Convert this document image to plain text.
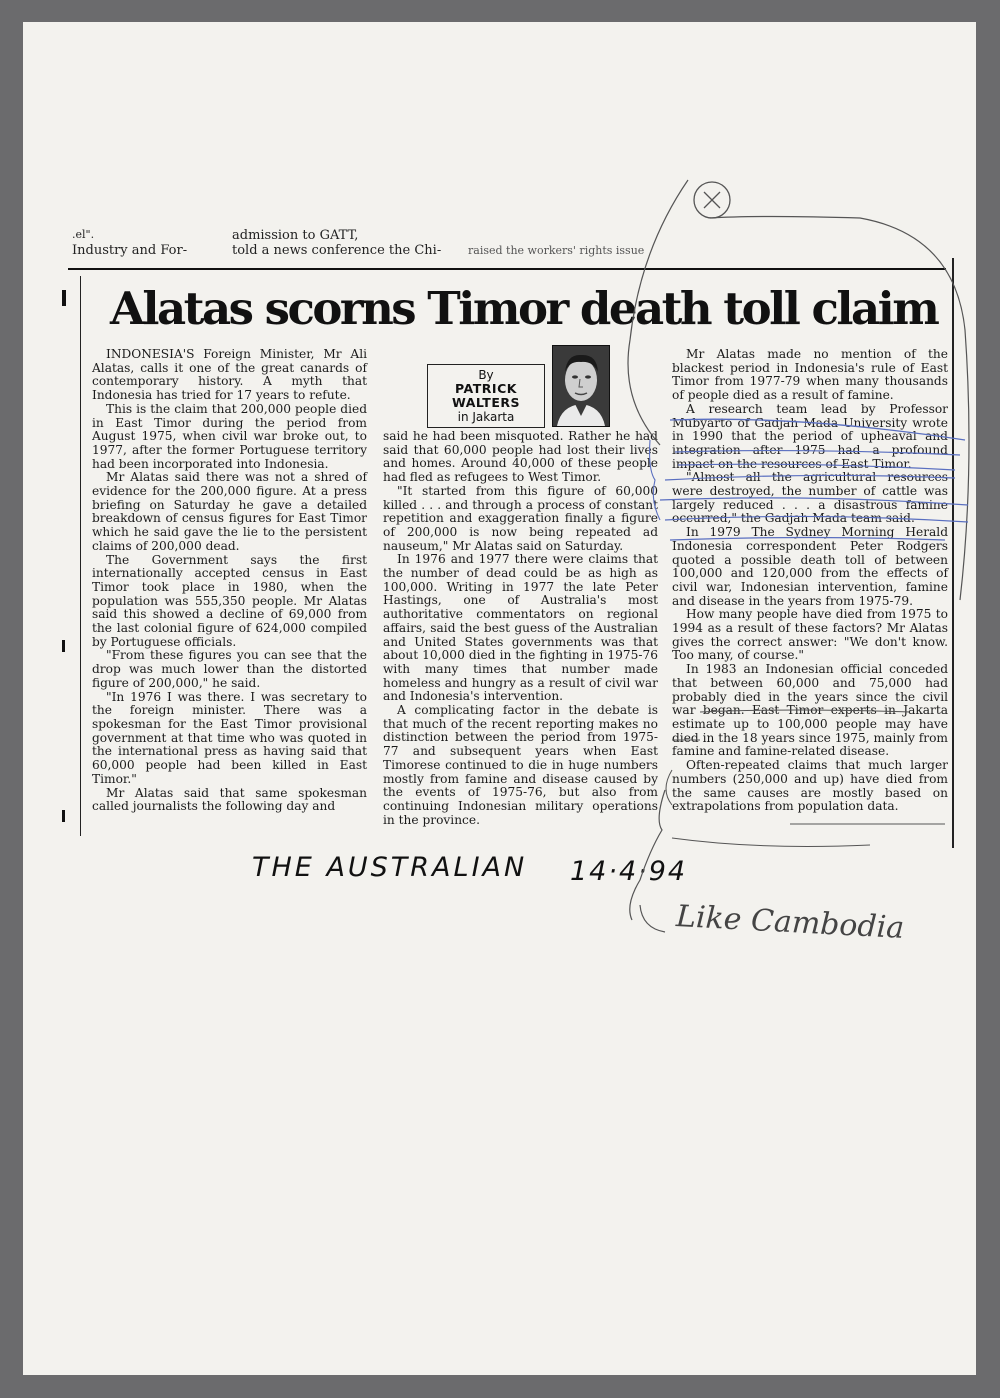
.el".
Industry and For-
admission to GATT,
told a news conference the Chi- raised the workers' rights issue
Alatas scorns Timor death toll claim

INDONESIA'S Foreign Minister, Mr Ali Alatas, calls it one of the great canards of contemporary history. A myth that Indonesia has tried for 17 years to refute.

This is the claim that 200,000 people died in East Timor during the period from August 1975, when civil war broke out, to 1977, after the former Portuguese territory had been incorporated into Indonesia.

Mr Alatas said there was not a shred of evidence for the 200,000 figure. At a press briefing on Saturday he gave a detailed breakdown of census figures for East Timor which he said gave the lie to the persistent claims of 200,000 dead.

The Government says the first internationally accepted census in East Timor took place in 1980, when the population was 555,350 people. Mr Alatas said this showed a decline of 69,000 from the last colonial figure of 624,000 compiled by Portuguese officials.

"From these figures you can see that the drop was much lower than the distorted figure of 200,000," he said.

"In 1976 I was there. I was secretary to the foreign minister. There was a spokesman for the East Timor provisional government at that time who was quoted in the international press as having said that 60,000 people had been killed in East Timor."

Mr Alatas said that same spokesman called journalists the following day and

By
PATRICK
WALTERS
in Jakarta

said he had been misquoted. Rather he had said that 60,000 people had lost their lives and homes. Around 40,000 of these people had fled as refugees to West Timor.

"It started from this figure of 60,000 killed . . . and through a process of constant repetition and exaggeration finally a figure of 200,000 is now being repeated ad nauseum," Mr Alatas said on Saturday.

In 1976 and 1977 there were claims that the number of dead could be as high as 100,000. Writing in 1977 the late Peter Hastings, one of Australia's most authoritative commentators on regional affairs, said the best guess of the Australian and United States governments was that about 10,000 died in the fighting in 1975-76 with many times that number made homeless and hungry as a result of civil war and Indonesia's intervention.

A complicating factor in the debate is that much of the recent reporting makes no distinction between the period from 1975-77 and subsequent years when East Timorese continued to die in huge numbers mostly from famine and disease caused by the events of 1975-76, but also from continuing Indonesian military operations in the province.

Mr Alatas made no mention of the blackest period in Indonesia's rule of East Timor from 1977-79 when many thousands of people died as a result of famine.

A research team lead by Professor Mubyarto of Gadjah Mada University wrote in 1990 that the period of upheaval and integration after 1975 had a profound impact on the resources of East Timor.

"Almost all the agricultural resources were destroyed, the number of cattle was largely reduced . . . a disastrous famine occurred," the Gadjah Mada team said.

In 1979 The Sydney Morning Herald Indonesia correspondent Peter Rodgers quoted a possible death toll of between 100,000 and 120,000 from the effects of civil war, Indonesian intervention, famine and disease in the years from 1975-79.

How many people have died from 1975 to 1994 as a result of these factors? Mr Alatas gives the correct answer: "We don't know. Too many, of course."

In 1983 an Indonesian official conceded that between 60,000 and 75,000 had probably died in the years since the civil war began. East Timor experts in Jakarta estimate up to 100,000 people may have died in the 18 years since 1975, mainly from famine and famine-related disease.

Often-repeated claims that much larger numbers (250,000 and up) have died from the same causes are mostly based on extrapolations from population data.

THE AUSTRALIAN 14·4·94
Like Cambodia
